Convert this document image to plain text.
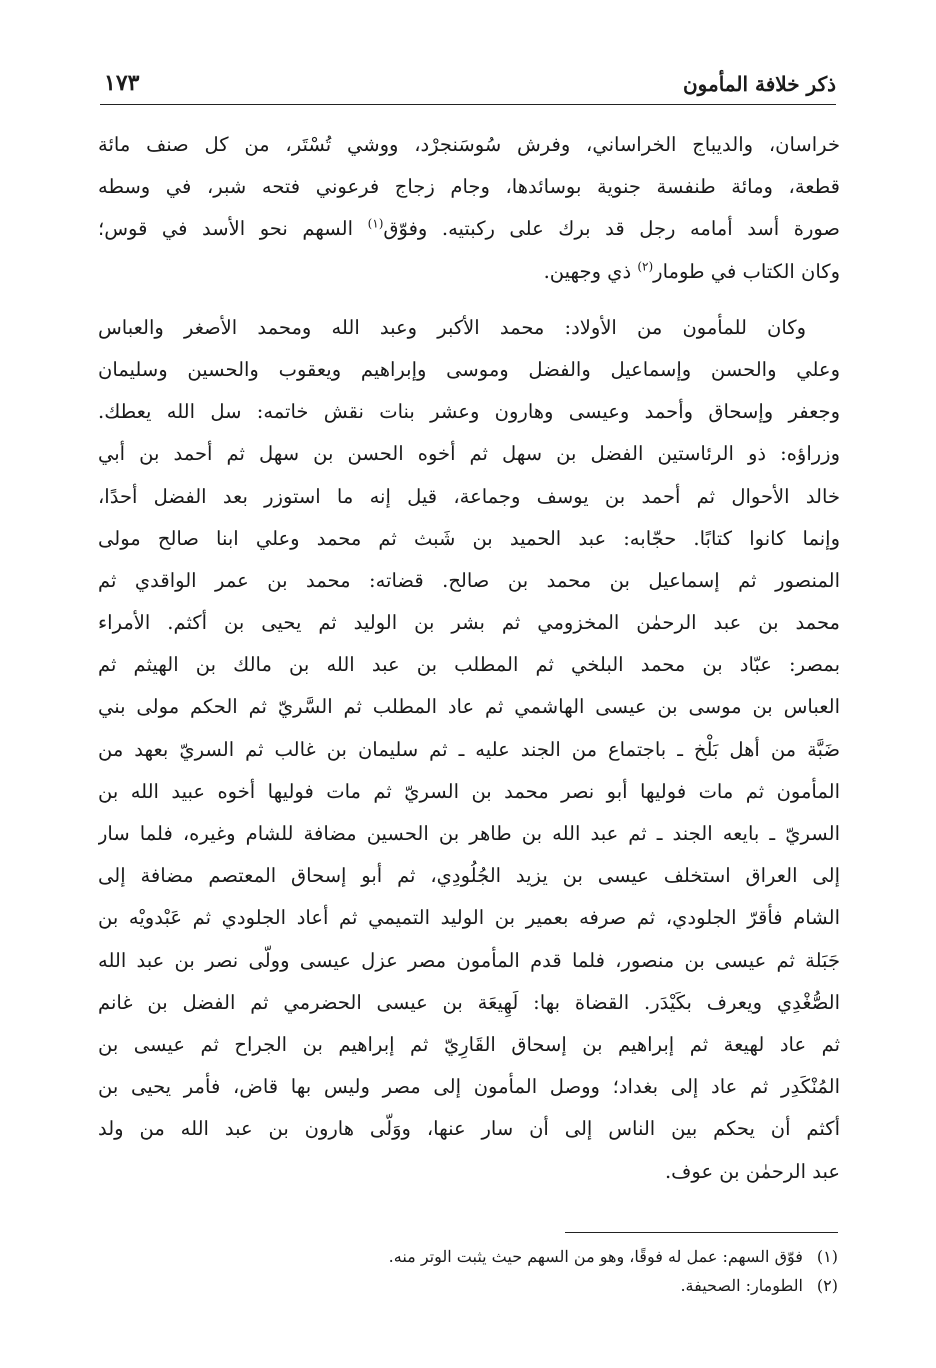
ذكر خلافة المأمون
١٧٣
خراسان، والديباج الخراساني، وفرش سُوسَنجرْد، ووشي تُسْتَر، من كل صنف مائة
قطعة، ومائة طنفسة جنوية بوسائدها، وجام زجاج فرعوني فتحه شبر، في وسطه
صورة أسد أمامه رجل قد برك على ركبتيه. وفوّق$^{(١)}$ السهم نحو الأسد في قوس؛
وكان الكتاب في طومار$^{(٢)}$ ذي وجهين.
وكان للمأمون من الأولاد: محمد الأكبر وعبد الله ومحمد الأصغر والعباس
وعلي والحسن وإسماعيل والفضل وموسى وإبراهيم ويعقوب والحسين وسليمان
وجعفر وإسحاق وأحمد وعيسى وهارون وعشر بنات نقش خاتمه: سل الله يعطك.
وزراؤه: ذو الرئاستين الفضل بن سهل ثم أخوه الحسن بن سهل ثم أحمد بن أبي
خالد الأحوال ثم أحمد بن يوسف وجماعة، قيل إنه ما استوزر بعد الفضل أحدًا،
وإنما كانوا كتابًا. حجّابه: عبد الحميد بن شَبث ثم محمد وعلي ابنا صالح مولى
المنصور ثم إسماعيل بن محمد بن صالح. قضاته: محمد بن عمر الواقدي ثم
محمد بن عبد الرحمٰن المخزومي ثم بشر بن الوليد ثم يحيى بن أكثم. الأمراء
بمصر: عبّاد بن محمد البلخي ثم المطلب بن عبد الله بن مالك بن الهيثم ثم
العباس بن موسى بن عيسى الهاشمي ثم عاد المطلب ثم السَّريّ ثم الحكم مولى بني
ضَبَّة من أهل بَلْخ ـ باجتماع من الجند عليه ـ ثم سليمان بن غالب ثم السريّ بعهد من
المأمون ثم مات فوليها أبو نصر محمد بن السريّ ثم مات فوليها أخوه عبيد الله بن
السريّ ـ بايعه الجند ـ ثم عبد الله بن طاهر بن الحسين مضافة للشام وغيره، فلما سار
إلى العراق استخلف عيسى بن يزيد الجُلُودِي، ثم أبو إسحاق المعتصم مضافة إلى
الشام فأقرّ الجلودي، ثم صرفه بعمير بن الوليد التميمي ثم أعاد الجلودي ثم عَبْدويْه بن
جَبَلة ثم عيسى بن منصور، فلما قدم المأمون مصر عزل عيسى وولّى نصر بن عبد الله
الصُّغْدِي ويعرف بكَيْدَر. القضاة بها: لَهِيعَة بن عيسى الحضرمي ثم الفضل بن غانم
ثم عاد لهيعة ثم إبراهيم بن إسحاق القَارِيّ ثم إبراهيم بن الجراح ثم عيسى بن
المُنْكَدِر ثم عاد إلى بغداد؛ ووصل المأمون إلى مصر وليس بها قاض، فأمر يحيى بن
أكثم أن يحكم بين الناس إلى أن سار عنها، ووَلّى هارون بن عبد الله من ولد
عبد الرحمٰن بن عوف.
(١)فوّق السهم: عمل له فوقًا، وهو من السهم حيث يثبت الوتر منه.
(٢)الطومار: الصحيفة.
